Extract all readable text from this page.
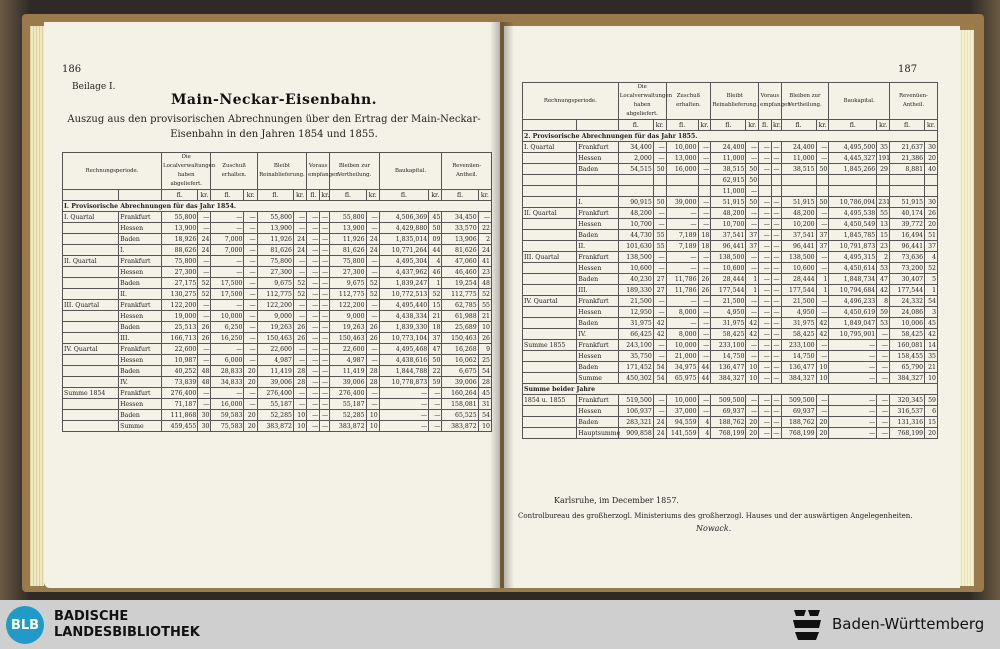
186
Beilage I.
Main-Neckar-Eisenbahn.
Auszug aus den provisorischen Abrechnungen über den Ertrag der Main-Neckar-Eisenbahn in den Jahren 1854 und 1855.
Rechnungsperiode.		Die Localverwaltungen haben abgeliefert.		Zuschuß erhalten.		Bleibt Reinablieferung.		Voraus empfangen		Bleiben zur Vertheilung.		Baukapital.		Revenüen-Antheil.	
		fl.	kr.	fl.	kr.	fl.	kr.	fl.	kr.	fl.	kr.	fl.	kr.	fl.	kr.
I. Provisorische Abrechnungen für das Jahr 1854.															
I. Quartal	Frankfurt	55,800	—	—	—	55,800	—	—	—	55,800	—	4,506,369	45	34,450	—
	Hessen	13,900	—	—	—	13,900	—	—	—	13,900	—	4,429,880	50	33,570	22
	Baden	18,926	24	7,000	—	11,926	24	—	—	11,926	24	1,835,014	09	13,906	2
	I.	88,626	24	7,000	—	81,626	24	—	—	81,626	24	10,771,264	44	81,626	24
II. Quartal	Frankfurt	75,800	—	—	—	75,800	—	—	—	75,800	—	4,495,304	4	47,060	41
	Hessen	27,300	—	—	—	27,300	—	—	—	27,300	—	4,437,962	46	46,460	23
	Baden	27,175	52	17,500	—	9,675	52	—	—	9,675	52	1,839,247	1	19,254	48
	II.	130,275	52	17,500	—	112,775	52	—	—	112,775	52	10,772,513	52	112,775	52
III. Quartal	Frankfurt	122,200	—	—	—	122,200	—	—	—	122,200	—	4,495,440	15	62,785	55
	Hessen	19,000	—	10,000	—	9,000	—	—	—	9,000	—	4,438,334	21	61,988	21
	Baden	25,513	26	6,250	—	19,263	26	—	—	19,263	26	1,839,330	18	25,689	10
	III.	166,713	26	16,250	—	150,463	26	—	—	150,463	26	10,773,104	37	150,463	26
IV. Quartal	Frankfurt	22,600	—	—	—	22,600	—	—	—	22,600	—	4,495,468	47	16,268	9
	Hessen	10,987	—	6,000	—	4,987	—	—	—	4,987	—	4,438,616	50	16,062	25
	Baden	40,252	48	28,833	20	11,419	28	—	—	11,419	28	1,844,788	22	6,675	54
	IV.	73,839	48	34,833	20	39,006	28	—	—	39,006	28	10,778,873	59	39,006	28
Summe 1854	Frankfurt	276,400	—	—	—	276,400	—	—	—	276,400	—	—	—	160,264	45
	Hessen	71,187	—	16,000	—	55,187	—	—	—	55,187	—	—	—	158,081	31
	Baden	111,868	30	59,583	20	52,285	10	—	—	52,285	10	—	—	65,525	54
	Summe	459,455	30	75,583	20	383,872	10	—	—	383,872	10	—	—	383,872	10
187
Rechnungsperiode.		Die Localverwaltungen haben abgeliefert.		Zuschuß erhalten.		Bleibt Reinablieferung.		Voraus empfangen		Bleiben zur Vertheilung.		Baukapital.		Revenüen-Antheil.	
		fl.	kr.	fl.	kr.	fl.	kr.	fl.	kr.	fl.	kr.	fl.	kr.	fl.	kr.
2. Provisorische Abrechnungen für das Jahr 1855.															
I. Quartal	Frankfurt	34,400	—	10,000	—	24,400	—	—	—	24,400	—	4,495,500	35	21,637	30
	Hessen	2,000	—	13,000	—	11,000	—	—	—	11,000	—	4,445,327	191	21,386	20
	Baden	54,515	50	16,000	—	38,515	50	—	—	38,515	50	1,845,266	29	8,881	40
						62,915	50								
						11,000	—								
	I.	90,915	50	39,000	—	51,915	50	—	—	51,915	50	10,786,094	231	51,915	30
II. Quartal	Frankfurt	48,200	—	—	—	48,200	—	—	—	48,200	—	4,495,538	55	40,174	26
	Hessen	10,700	—	—	—	10,700	—	—	—	10,200	—	4,450,549	13	39,772	20
	Baden	44,730	55	7,189	18	37,541	37	—	—	37,541	37	1,845,785	15	16,494	51
	II.	101,630	55	7,189	18	96,441	37	—	—	96,441	37	10,791,873	23	96,441	37
III. Quartal	Frankfurt	138,500	—	—	—	138,500	—	—	—	138,500	—	4,495,315	2	73,636	4
	Hessen	10,600	—	—	—	10,600	—	—	—	10,600	—	4,450,614	53	73,200	52
	Baden	40,230	27	11,786	26	28,444	1	—	—	28,444	1	1,848,734	47	30,407	5
	III.	189,330	27	11,786	26	177,544	1	—	—	177,544	1	10,794,684	42	177,544	1
IV. Quartal	Frankfurt	21,500	—	—	—	21,500	—	—	—	21,500	—	4,496,233	8	24,332	54
	Hessen	12,950	—	8,000	—	4,950	—	—	—	4,950	—	4,450,619	59	24,086	3
	Baden	31,975	42	—	—	31,975	42	—	—	31,975	42	1,849,047	53	10,006	45
	IV.	66,425	42	8,000	—	58,425	42	—	—	58,425	42	10,795,901	—	58,425	42
Summe 1855	Frankfurt	243,100	—	10,000	—	233,100	—	—	—	233,100	—	—	—	160,081	14
	Hessen	35,750	—	21,000	—	14,750	—	—	—	14,750	—	—	—	158,455	35
	Baden	171,452	54	34,975	44	136,477	10	—	—	136,477	10	—	—	65,790	21
	Summe	450,302	54	65,975	44	384,327	10	—	—	384,327	10	—	—	384,327	10
Summe beider Jahre															
1854 u. 1855	Frankfurt	519,500	—	10,000	—	509,500	—	—	—	509,500	—	—	—	320,345	59
	Hessen	106,937	—	37,000	—	69,937	—	—	—	69,937	—	—	—	316,537	6
	Baden	283,321	24	94,559	4	188,762	20	—	—	188,762	20	—	—	131,316	15
	Hauptsumme	909,858	24	141,559	4	768,199	20	—	—	768,199	20	—	—	768,199	20
Karlsruhe, im December 1857.
Controlbureau des großherzogl. Ministeriums des großherzogl. Hauses und der auswärtigen Angelegenheiten.
Nowack.
BLB
BADISCHE
LANDESBIBLIOTHEK	Baden-Württemberg
